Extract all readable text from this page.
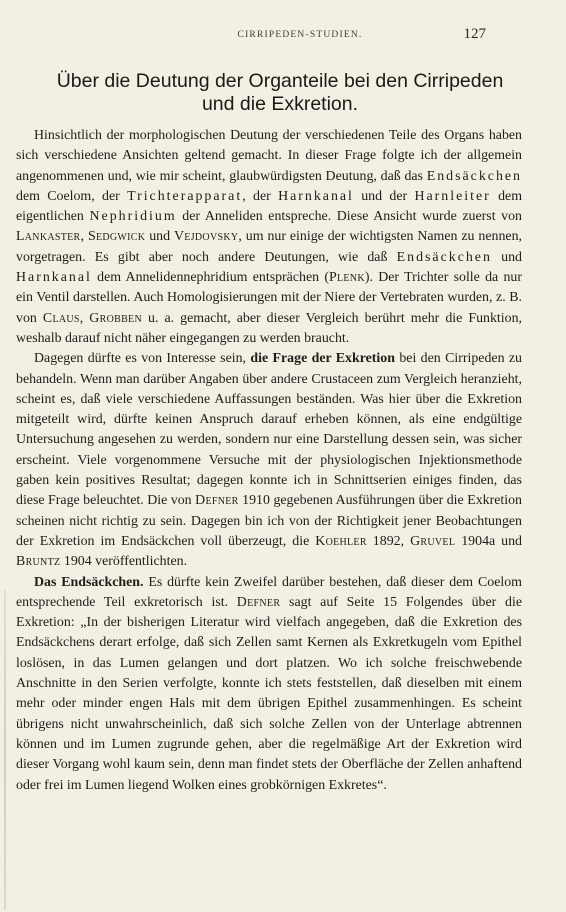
CIRRIPEDEN-STUDIEN.	127
Über die Deutung der Organteile bei den Cirripeden
und die Exkretion.

Hinsichtlich der morphologischen Deutung der verschiedenen Teile des Organs haben sich verschiedene Ansichten geltend gemacht. In dieser Frage folgte ich der allgemein angenommenen und, wie mir scheint, glaubwürdigsten Deutung, daß das Endsäckchen dem Coelom, der Trichterapparat, der Harnkanal und der Harnleiter dem eigentlichen Nephridium der Anneliden entspreche. Diese Ansicht wurde zuerst von Lankaster, Sedgwick und Vejdovsky, um nur einige der wichtigsten Namen zu nennen, vorgetragen. Es gibt aber noch andere Deutungen, wie daß Endsäckchen und Harnkanal dem Annelidennephridium entsprächen (Plenk). Der Trichter solle da nur ein Ventil darstellen. Auch Homologisierungen mit der Niere der Vertebraten wurden, z. B. von Claus, Grobben u. a. gemacht, aber dieser Vergleich berührt mehr die Funktion, weshalb darauf nicht näher eingegangen zu werden braucht.

Dagegen dürfte es von Interesse sein, die Frage der Exkretion bei den Cirripeden zu behandeln. Wenn man darüber Angaben über andere Crustaceen zum Vergleich heranzieht, scheint es, daß viele verschiedene Auffassungen beständen. Was hier über die Exkretion mitgeteilt wird, dürfte keinen Anspruch darauf erheben können, als eine endgültige Untersuchung angesehen zu werden, sondern nur eine Darstellung dessen sein, was sicher erscheint. Viele vorgenommene Versuche mit der physiologischen Injektionsmethode gaben kein positives Resultat; dagegen konnte ich in Schnittserien einiges finden, das diese Frage beleuchtet. Die von Defner 1910 gegebenen Ausführungen über die Exkretion scheinen nicht richtig zu sein. Dagegen bin ich von der Richtigkeit jener Beobachtungen der Exkretion im Endsäckchen voll überzeugt, die Koehler 1892, Gruvel 1904a und Bruntz 1904 veröffentlichten.

Das Endsäckchen. Es dürfte kein Zweifel darüber bestehen, daß dieser dem Coelom entsprechende Teil exkretorisch ist. Defner sagt auf Seite 15 Folgendes über die Exkretion: „In der bisherigen Literatur wird vielfach angegeben, daß die Exkretion des Endsäckchens derart erfolge, daß sich Zellen samt Kernen als Exkretkugeln vom Epithel loslösen, in das Lumen gelangen und dort platzen. Wo ich solche freischwebende Anschnitte in den Serien verfolgte, konnte ich stets feststellen, daß dieselben mit einem mehr oder minder engen Hals mit dem übrigen Epithel zusammenhingen. Es scheint übrigens nicht unwahrscheinlich, daß sich solche Zellen von der Unterlage abtrennen können und im Lumen zugrunde gehen, aber die regelmäßige Art der Exkretion wird dieser Vorgang wohl kaum sein, denn man findet stets der Oberfläche der Zellen anhaftend oder frei im Lumen liegend Wolken eines grobkörnigen Exkretes“.
